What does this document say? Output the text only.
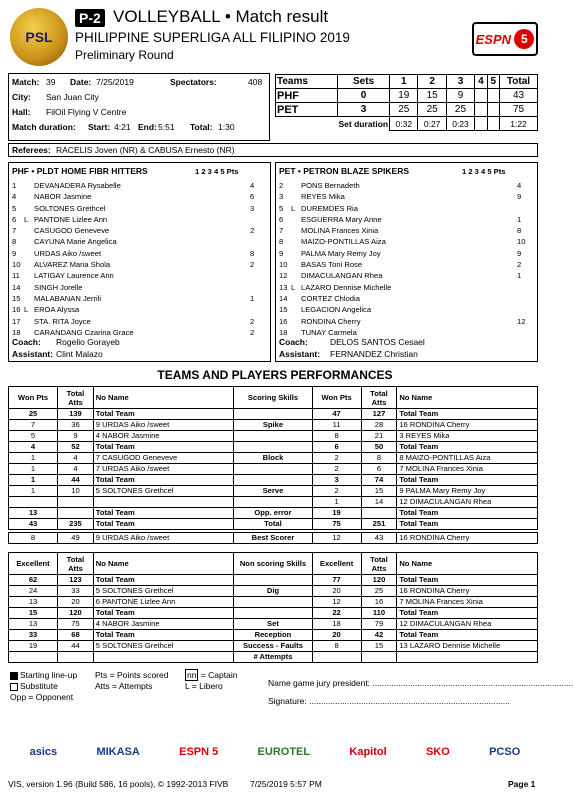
PSL
P-2 VOLLEYBALL • Match result
PHILIPPINE SUPERLIGA ALL FILIPINO 2019
Preliminary Round
ESPN 5
Match: 39 Date: 7/25/2019	Spectators:	408
City: San Juan City
Hall: FilOil Flying V Centre
Match duration: Start: 4:21 End: 5:51 Total: 1:30
Teams	Sets	1	2	3	4	5	Total
PHF	0	19	15	9			43
PET	3	25	25	25			75
	Set duration	0:32	0:27	0:23			1:22
Referees: RACELIS Joven (NR) & CABUSA Ernesto (NR)
PHF • PLDT HOME FIBR HITTERS	1 2 3 4 5 Pts
1 DEVANADERA Rysabelle	4
4 NABOR Jasmine	6
5 SOLTONES Grethcel	3
6 L PANTONE Lizlee Ann
7 CASUGOD Geneveve	2
8 CAYUNA Marie Angelica
9 URDAS Aiko /sweet	8
10 ALVAREZ Maria Shola	2
11 LATIGAY Laurence Ann
14 SINGH Jorelle
15 MALABANAN Jerrili	1
16 L EROA Alyssa
17 STA. RITA Joyce	2
18 CARANDANG Czarina Grace	2
Coach: Rogelio Gorayeb
Assistant: Clint Malazo
PET • PETRON BLAZE SPIKERS	1 2 3 4 5 Pts
2 PONS Bernadeth	4
3 REYES Mika	9
5 L DUREMDES Ria
6 ESGUERRA Mary Anne	1
7 MOLINA Frances Xinia	8
8 MAIZO-PONTILLAS Aiza	10
9 PALMA Mary Remy Joy	9
10 BASAS Toni Rose	2
12 DIMACULANGAN Rhea	1
13 L LAZARO Dennise Michelle
14 CORTEZ Chlodia
15 LEGACION Angelica
16 RONDINA Cherry	12
18 TUNAY Carmela
Coach:	DELOS SANTOS Cesael
Assistant: FERNANDEZ Christian
TEAMS AND PLAYERS PERFORMANCES
Won Pts	Total Atts	No Name	Scoring Skills	Won Pts	Total Atts	No Name
25	139	Total Team		47	127	Total Team
7	36	9 URDAS Aiko /sweet	Spike	11	28	16 RONDINA Cherry
5	9	4 NABOR Jasmine		8	21	3 REYES Mika
4	52	Total Team		6	50	Total Team
1	4	7 CASUGOD Geneveve	Block	2	8	8 MAIZO-PONTILLAS Aiza
1	4	7 URDAS Aiko /sweet		2	6	7 MOLINA Frances Xinia
1	44	Total Team		3	74	Total Team
1	10	5 SOLTONES Grethcel	Serve	2	15	9 PALMA Mary Remy Joy
				1	14	12 DIMACULANGAN Rhea
13		Total Team	Opp. error	19		Total Team
43	235	Total Team	Total	75	251	Total Team
8	49	9 URDAS Aiko /sweet	Best Scorer	12	43	16 RONDINA Cherry
Excellent	Total Atts	No Name	Non scoring Skills	Excellent	Total Atts	No Name
62	123	Total Team		77	120	Total Team
24	33	5 SOLTONES Grethcel	Dig	20	25	16 RONDINA Cherry
13	20	6 PANTONE Lizlee Ann		12	16	7 MOLINA Frances Xinia
15	120	Total Team		22	110	Total Team
13	75	4 NABOR Jasmine	Set	18	79	12 DIMACULANGAN Rhea
33	68	Total Team	Reception	20	42	Total Team
19	44	5 SOLTONES Grethcel	Success - Faults	8	15	13 LAZARO Dennise Michelle
			# Attempts			
Starting line-up
Substitute
Opp = Opponent
Pts = Points scored
Atts = Attempts
nn = Captain
L = Libero	Name game jury president: .....................................................................................
Signature: .....................................................................................
asics	MIKASA	ESPN 5	EUROTEL	Kapitol	SKO	PCSO
VIS, version 1.96 (Build 586, 16 pools), © 1992-2013 FIVB	7/25/2019 5:57 PM	Page 1
